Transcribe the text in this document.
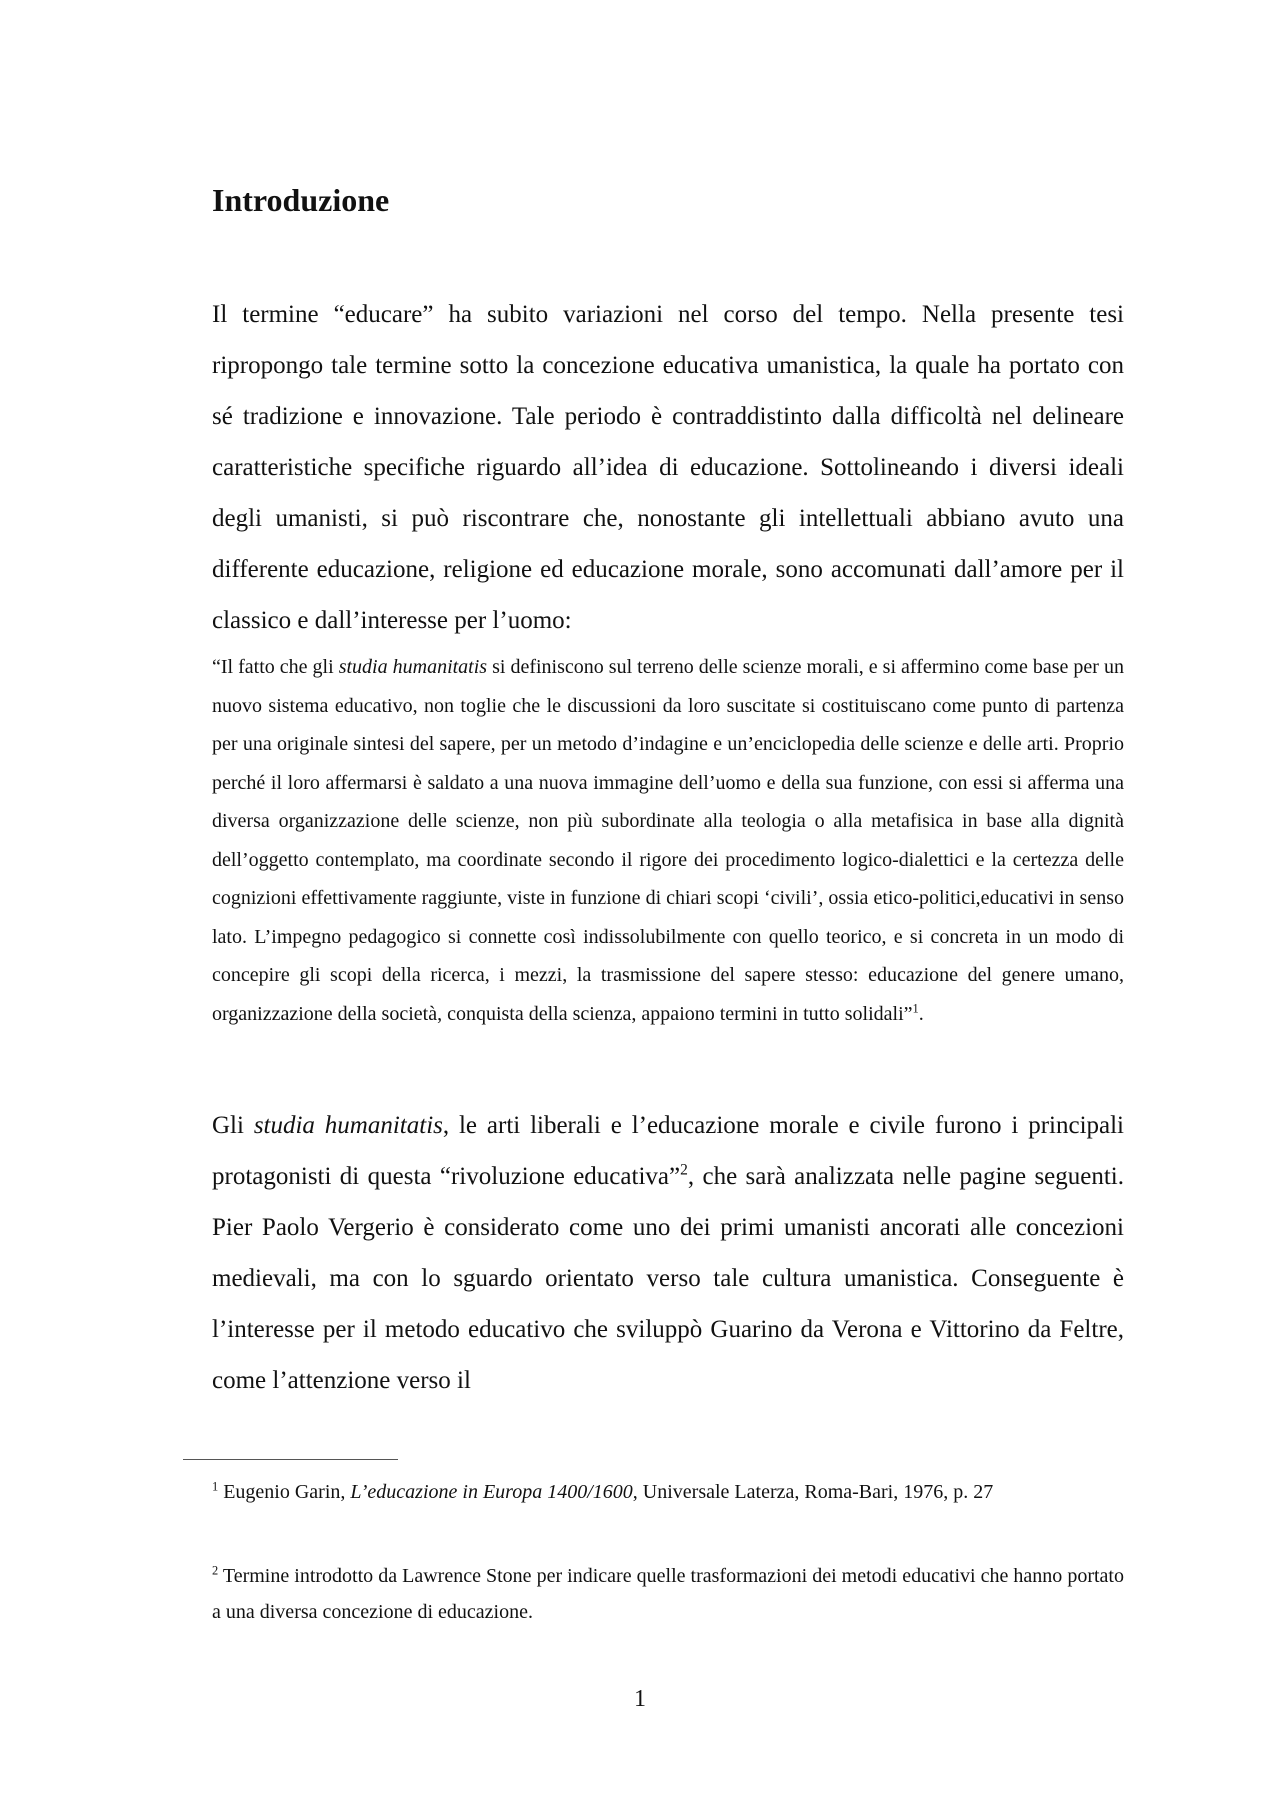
Introduzione

Il termine “educare” ha subito variazioni nel corso del tempo. Nella presente tesi ripropongo tale termine sotto la concezione educativa umanistica, la quale ha portato con sé tradizione e innovazione. Tale periodo è contraddistinto dalla difficoltà nel delineare caratteristiche specifiche riguardo all’idea di educazione. Sottolineando i diversi ideali degli umanisti, si può riscontrare che, nonostante gli intellettuali abbiano avuto una differente educazione, religione ed educazione morale, sono accomunati dall’amore per il classico e dall’interesse per l’uomo:

“Il fatto che gli studia humanitatis si definiscono sul terreno delle scienze morali, e si affermino come base per un nuovo sistema educativo, non toglie che le discussioni da loro suscitate si costituiscano come punto di partenza per una originale sintesi del sapere, per un metodo d’indagine e un’enciclopedia delle scienze e delle arti. Proprio perché il loro affermarsi è saldato a una nuova immagine dell’uomo e della sua funzione, con essi si afferma una diversa organizzazione delle scienze, non più subordinate alla teologia o alla metafisica in base alla dignità dell’oggetto contemplato, ma coordinate secondo il rigore dei procedimento logico-dialettici e la certezza delle cognizioni effettivamente raggiunte, viste in funzione di chiari scopi ‘civili’, ossia etico-politici,educativi in senso lato. L’impegno pedagogico si connette così indissolubilmente con quello teorico, e si concreta in un modo di concepire gli scopi della ricerca, i mezzi, la trasmissione del sapere stesso: educazione del genere umano, organizzazione della società, conquista della scienza, appaiono termini in tutto solidali”$^1$.

Gli studia humanitatis, le arti liberali e l’educazione morale e civile furono i principali protagonisti di questa “rivoluzione educativa”$^2$, che sarà analizzata nelle pagine seguenti. Pier Paolo Vergerio è considerato come uno dei primi umanisti ancorati alle concezioni medievali, ma con lo sguardo orientato verso tale cultura umanistica. Conseguente è l’interesse per il metodo educativo che sviluppò Guarino da Verona e Vittorino da Feltre, come l’attenzione verso il

$^1$ Eugenio Garin, L’educazione in Europa 1400/1600, Universale Laterza, Roma-Bari, 1976, p. 27

$^2$ Termine introdotto da Lawrence Stone per indicare quelle trasformazioni dei metodi educativi che hanno portato a una diversa concezione di educazione.

1
